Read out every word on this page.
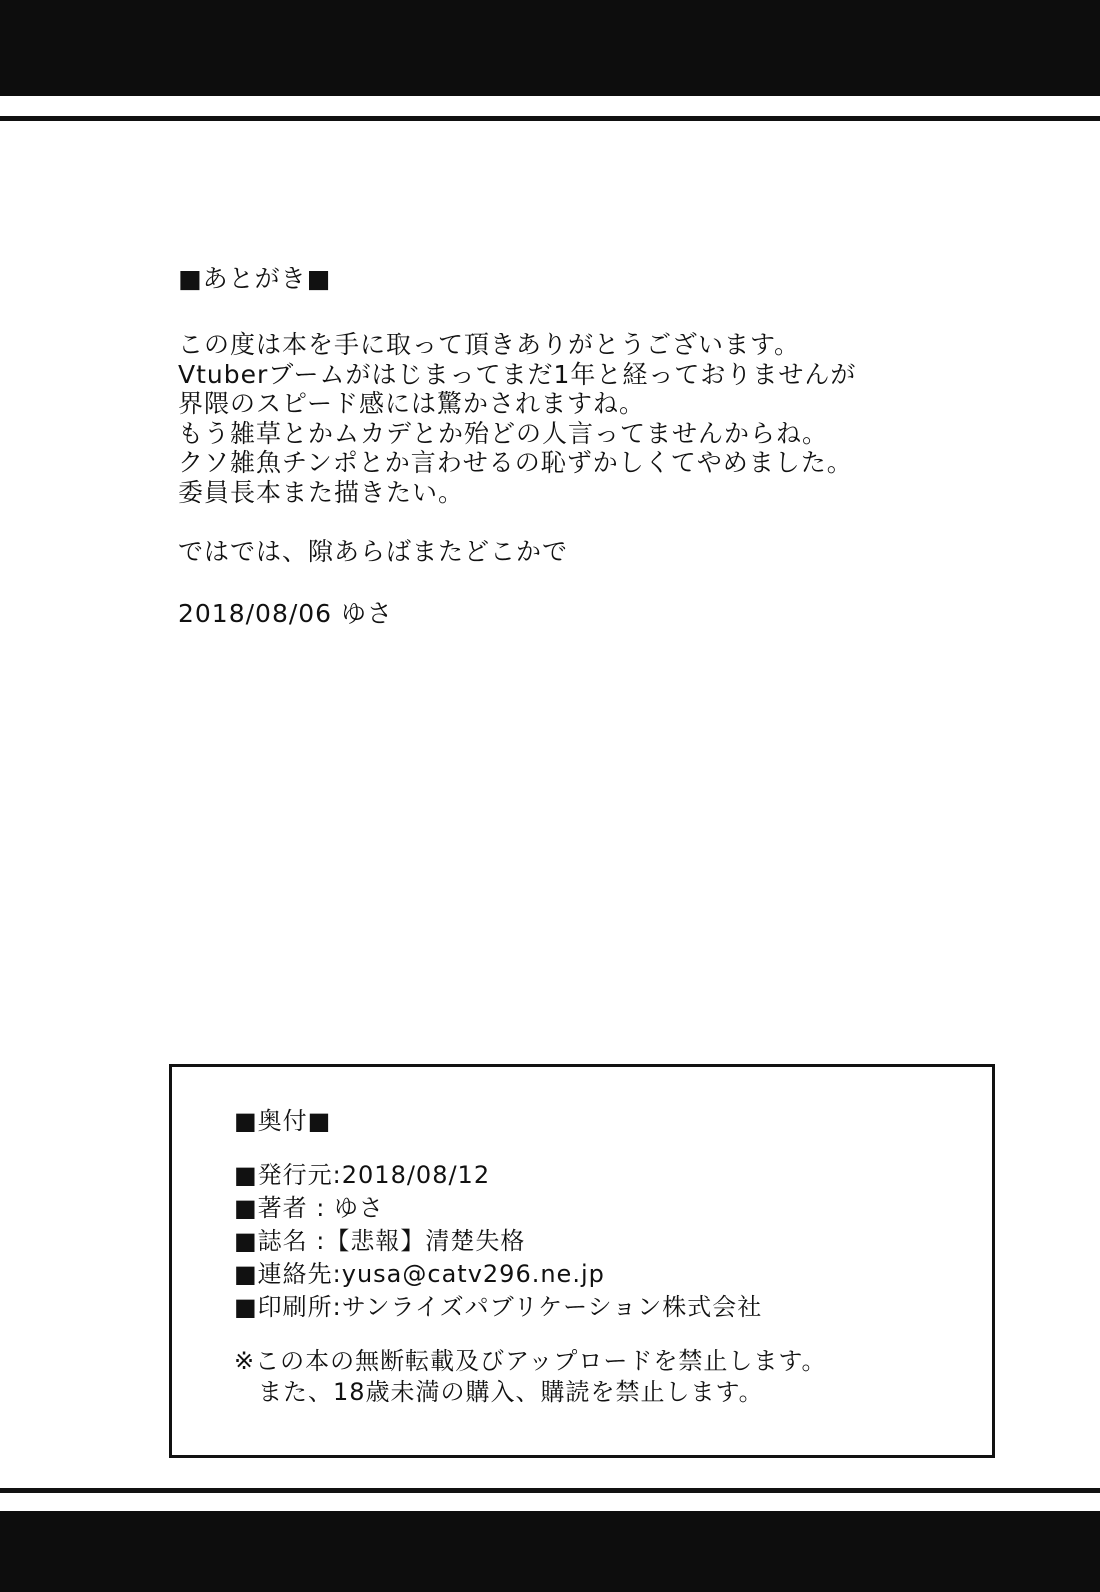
■あとがき■
この度は本を手に取って頂きありがとうございます。
Vtuberブームがはじまってまだ1年と経っておりませんが
界隈のスピード感には驚かされますね。
もう雑草とかムカデとか殆どの人言ってませんからね。
クソ雑魚チンポとか言わせるの恥ずかしくてやめました。
委員長本また描きたい。
ではでは、隙あらばまたどこかで
2018/08/06 ゆさ
■奥付■
■発行元:2018/08/12
■著者 : ゆさ
■誌名 :【悲報】清楚失格
■連絡先:yusa@catv296.ne.jp
■印刷所:サンライズパブリケーション株式会社
※この本の無断転載及びアップロードを禁止します。
また、18歳未満の購入、購読を禁止します。
